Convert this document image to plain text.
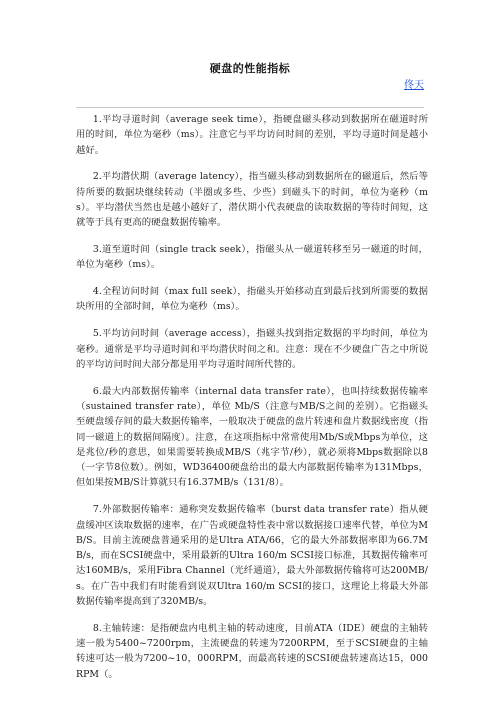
硬盘的性能指标
佟天

1.平均寻道时间（average seek time），指硬盘磁头移动到数据所在磁道时所用的时间，单位为毫秒（ms）。注意它与平均访问时间的差别，平均寻道时间是越小越好。

2.平均潜伏期（average latency），指当磁头移动到数据所在的磁道后，然后等待所要的数据块继续转动（半圈或多些、少些）到磁头下的时间，单位为毫秒（ms）。平均潜伏当然也是越小越好了，潜伏期小代表硬盘的读取数据的等待时间短，这就等于具有更高的硬盘数据传输率。

3.道至道时间（single track seek），指磁头从一磁道转移至另一磁道的时间，单位为毫秒（ms）。

4.全程访问时间（max full seek），指磁头开始移动直到最后找到所需要的数据块所用的全部时间，单位为毫秒（ms）。

5.平均访问时间（average access），指磁头找到指定数据的平均时间，单位为毫秒。通常是平均寻道时间和平均潜伏时间之和。注意：现在不少硬盘广告之中所说的平均访问时间大部分都是用平均寻道时间所代替的。

6.最大内部数据传输率（internal data transfer rate），也叫持续数据传输率（sustained transfer rate），单位 Mb/S（注意与MB/S之间的差别）。它指磁头至硬盘缓存间的最大数据传输率，一般取决于硬盘的盘片转速和盘片数据线密度（指同一磁道上的数据间隔度）。注意，在这项指标中常常使用Mb/S或Mbps为单位，这是兆位/秒的意思，如果需要转换成MB/S（兆字节/秒），就必须将Mbps数据除以8（一字节8位数）。例如，WD36400硬盘给出的最大内部数据传输率为131Mbps，但如果按MB/S计算就只有16.37MB/s（131/8）。

7.外部数据传输率：通称突发数据传输率（burst data transfer rate）指从硬盘缓冲区读取数据的速率，在广告或硬盘特性表中常以数据接口速率代替，单位为MB/S。目前主流硬盘普通采用的是Ultra ATA/66，它的最大外部数据率即为66.7MB/s，而在SCSI硬盘中，采用最新的Ultra 160/m SCSI接口标准，其数据传输率可达160MB/s，采用Fibra Channel（光纤通道），最大外部数据传输将可达200MB/s。在广告中我们有时能看到说双Ultra 160/m SCSI的接口，这理论上将最大外部数据传输率提高到了320MB/s。

8.主轴转速：是指硬盘内电机主轴的转动速度，目前ATA（IDE）硬盘的主轴转速一般为5400~7200rpm，主流硬盘的转速为7200RPM，至于SCSI硬盘的主轴转速可达一般为7200~10，000RPM，而最高转速的SCSI硬盘转速高达15，000RPM（。
